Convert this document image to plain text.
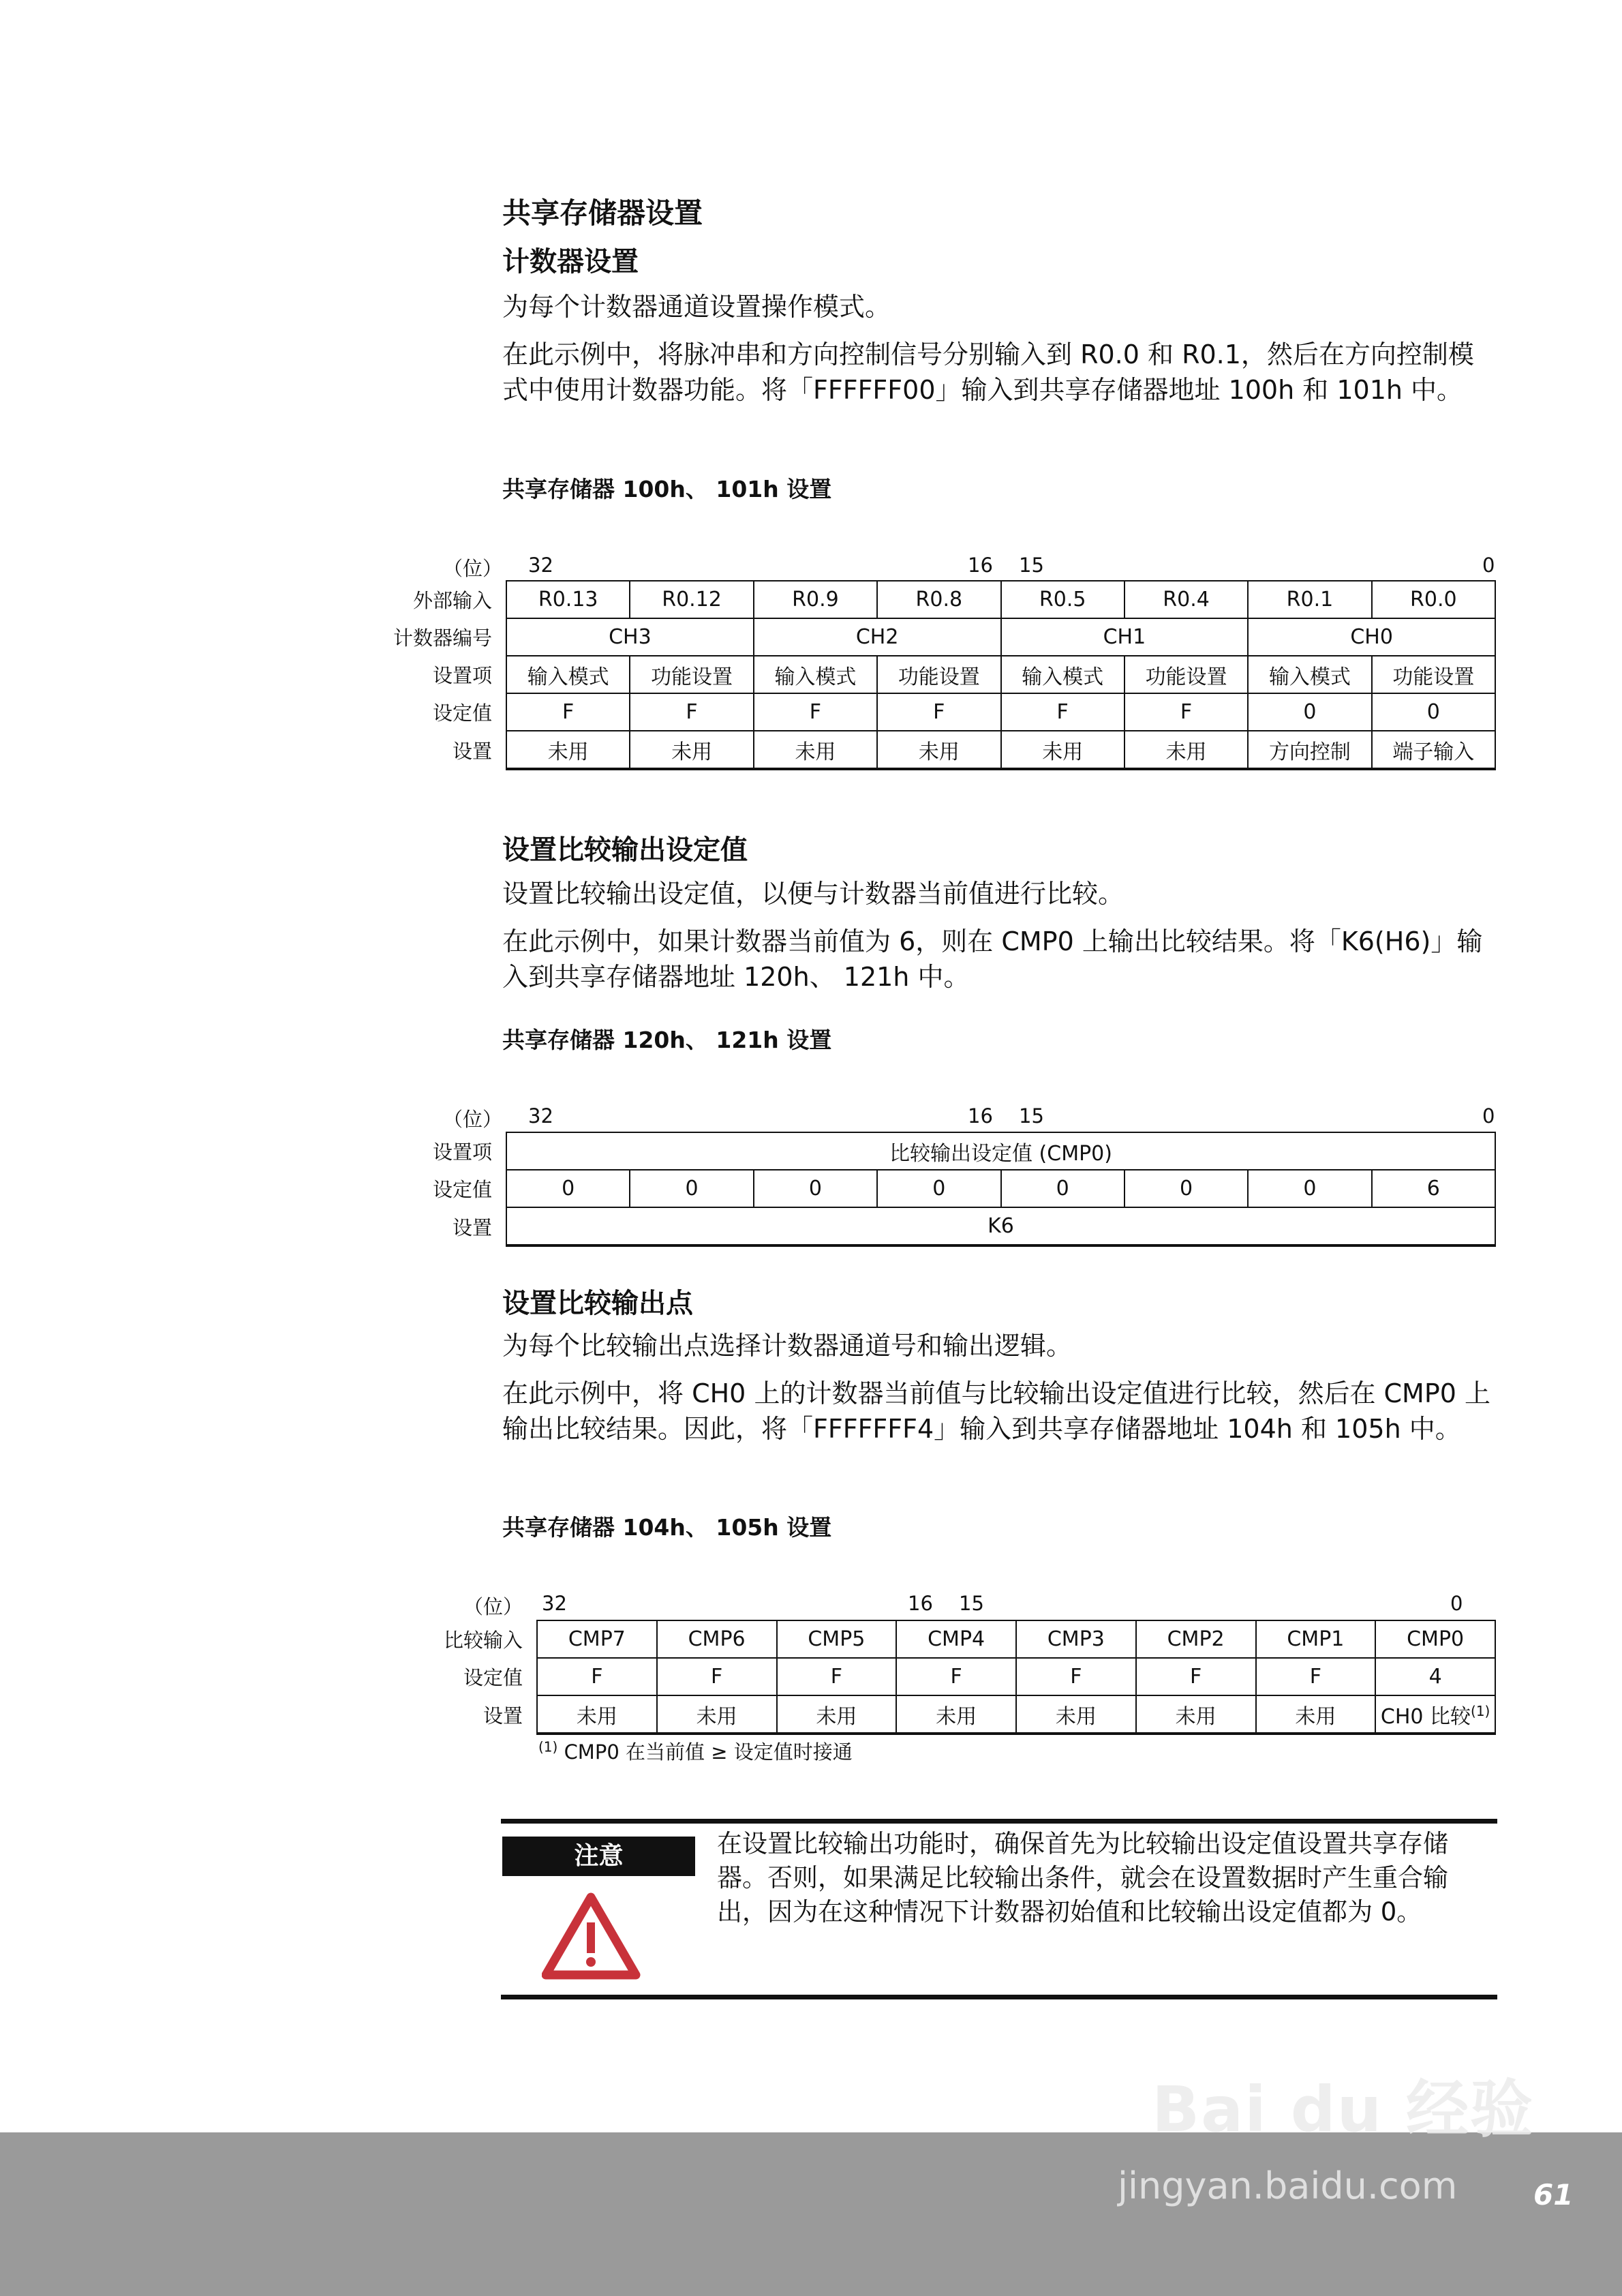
共享存储器设置
计数器设置
为每个计数器通道设置操作模式。
在此示例中，将脉冲串和方向控制信号分别输入到 R0.0 和 R0.1，然后在方向控制模式中使用计数器功能。将「FFFFFF00」输入到共享存储器地址 100h 和 101h 中。
共享存储器 100h、 101h 设置
（位） 32	16 15	0
外部输入	R0.13	R0.12	R0.9	R0.8	R0.5	R0.4	R0.1	R0.0
计数器编号	CH3		CH2		CH1		CH0	
设置项	输入模式	功能设置	输入模式	功能设置	输入模式	功能设置	输入模式	功能设置
设定值	F	F	F	F	F	F	0	0
设置	未用	未用	未用	未用	未用	未用	方向控制	端子输入
设置比较输出设定值
设置比较输出设定值，以便与计数器当前值进行比较。
在此示例中，如果计数器当前值为 6，则在 CMP0 上输出比较结果。将「K6(H6)」输入到共享存储器地址 120h、 121h 中。
共享存储器 120h、 121h 设置
（位） 32	16 15	0
设置项	比较输出设定值 (CMP0)							
设定值	0	0	0	0	0	0	0	6
设置	K6							
设置比较输出点
为每个比较输出点选择计数器通道号和输出逻辑。
在此示例中，将 CH0 上的计数器当前值与比较输出设定值进行比较，然后在 CMP0 上输出比较结果。因此，将「FFFFFFF4」输入到共享存储器地址 104h 和 105h 中。
共享存储器 104h、 105h 设置
（位） 32	16 15	0
比较输入	CMP7	CMP6	CMP5	CMP4	CMP3	CMP2	CMP1	CMP0
设定值	F	F	F	F	F	F	F	4
设置	未用	未用	未用	未用	未用	未用	未用	CH0 比较$^{(1)}$
$^{(1)}$ CMP0 在当前值 ≥ 设定值时接通
注意	在设置比较输出功能时，确保首先为比较输出设定值设置共享存储器。否则，如果满足比较输出条件，就会在设置数据时产生重合输出，因为在这种情况下计数器初始值和比较输出设定值都为 0。
Bai du 经验
jingyan.baidu.com	61
